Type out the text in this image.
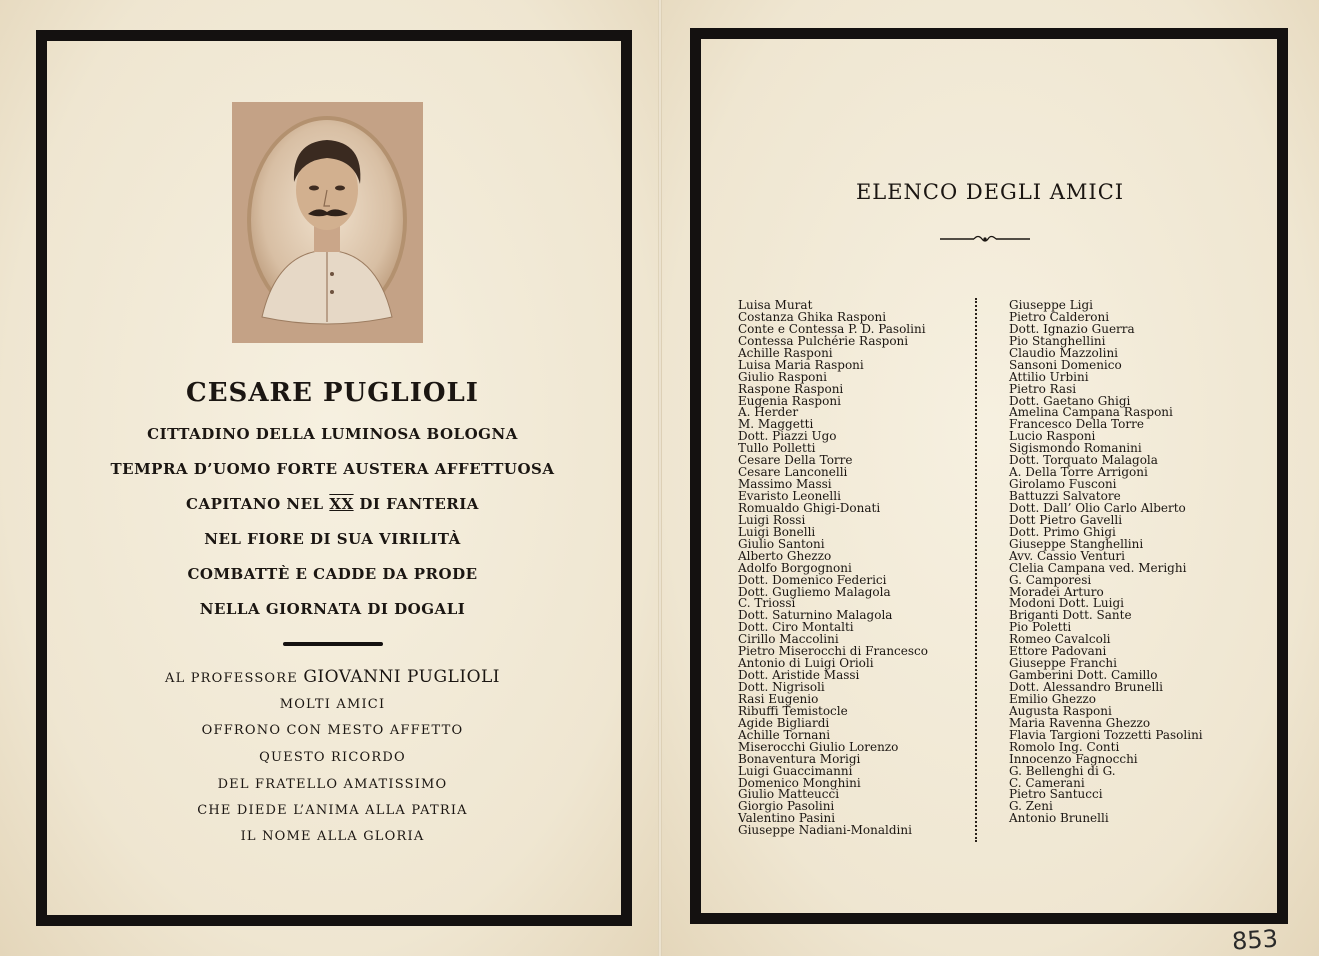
CESARE PUGLIOLI
CITTADINO DELLA LUMINOSA BOLOGNA
TEMPRA D’UOMO FORTE AUSTERA AFFETTUOSA
CAPITANO NEL XX DI FANTERIA
NEL FIORE DI SUA VIRILITÀ
COMBATTÈ E CADDE DA PRODE
NELLA GIORNATA DI DOGALI
AL PROFESSORE GIOVANNI PUGLIOLI
MOLTI AMICI
OFFRONO CON MESTO AFFETTO
QUESTO RICORDO
DEL FRATELLO AMATISSIMO
CHE DIEDE L’ANIMA ALLA PATRIA
IL NOME ALLA GLORIA
ELENCO DEGLI AMICI
Luisa Murat
Costanza Ghika Rasponi
Conte e Contessa P. D. Pasolini
Contessa Pulchérie Rasponi
Achille Rasponi
Luisa Maria Rasponi
Giulio Rasponi
Raspone Rasponi
Eugenia Rasponi
A. Herder
M. Maggetti
Dott. Piazzi Ugo
Tullo Polletti
Cesare Della Torre
Cesare Lanconelli
Massimo Massi
Evaristo Leonelli
Romualdo Ghigi-Donati
Luigi Rossi
Luigi Bonelli
Giulio Santoni
Alberto Ghezzo
Adolfo Borgognoni
Dott. Domenico Federici
Dott. Gugliemo Malagola
C. Triossi
Dott. Saturnino Malagola
Dott. Ciro Montalti
Cirillo Maccolini
Pietro Miserocchi di Francesco
Antonio di Luigi Orioli
Dott. Aristide Massi
Dott. Nigrisoli
Rasi Eugenio
Ribuffi Temistocle
Agide Bigliardi
Achille Tornani
Miserocchi Giulio Lorenzo
Bonaventura Morigi
Luigi Guaccimanni
Domenico Monghini
Giulio Matteucci
Giorgio Pasolini
Valentino Pasini
Giuseppe Nadiani-Monaldini
Giuseppe Ligi
Pietro Calderoni
Dott. Ignazio Guerra
Pio Stanghellini
Claudio Mazzolini
Sansoni Domenico
Attilio Urbini
Pietro Rasi
Dott. Gaetano Ghigi
Amelina Campana Rasponi
Francesco Della Torre
Lucio Rasponi
Sigismondo Romanini
Dott. Torquato Malagola
A. Della Torre Arrigoni
Girolamo Fusconi
Battuzzi Salvatore
Dott. Dall’ Olio Carlo Alberto
Dott Pietro Gavelli
Dott. Primo Ghigi
Giuseppe Stanghellini
Avv. Cassio Venturi
Clelia Campana ved. Merighi
G. Camporesi
Moradei Arturo
Modoni Dott. Luigi
Briganti Dott. Sante
Pio Poletti
Romeo Cavalcoli
Ettore Padovani
Giuseppe Franchi
Gamberini Dott. Camillo
Dott. Alessandro Brunelli
Emilio Ghezzo
Augusta Rasponi
Maria Ravenna Ghezzo
Flavia Targioni Tozzetti Pasolini
Romolo Ing. Conti
Innocenzo Fagnocchi
G. Bellenghi di G.
C. Camerani
Pietro Santucci
G. Zeni
Antonio Brunelli
853
